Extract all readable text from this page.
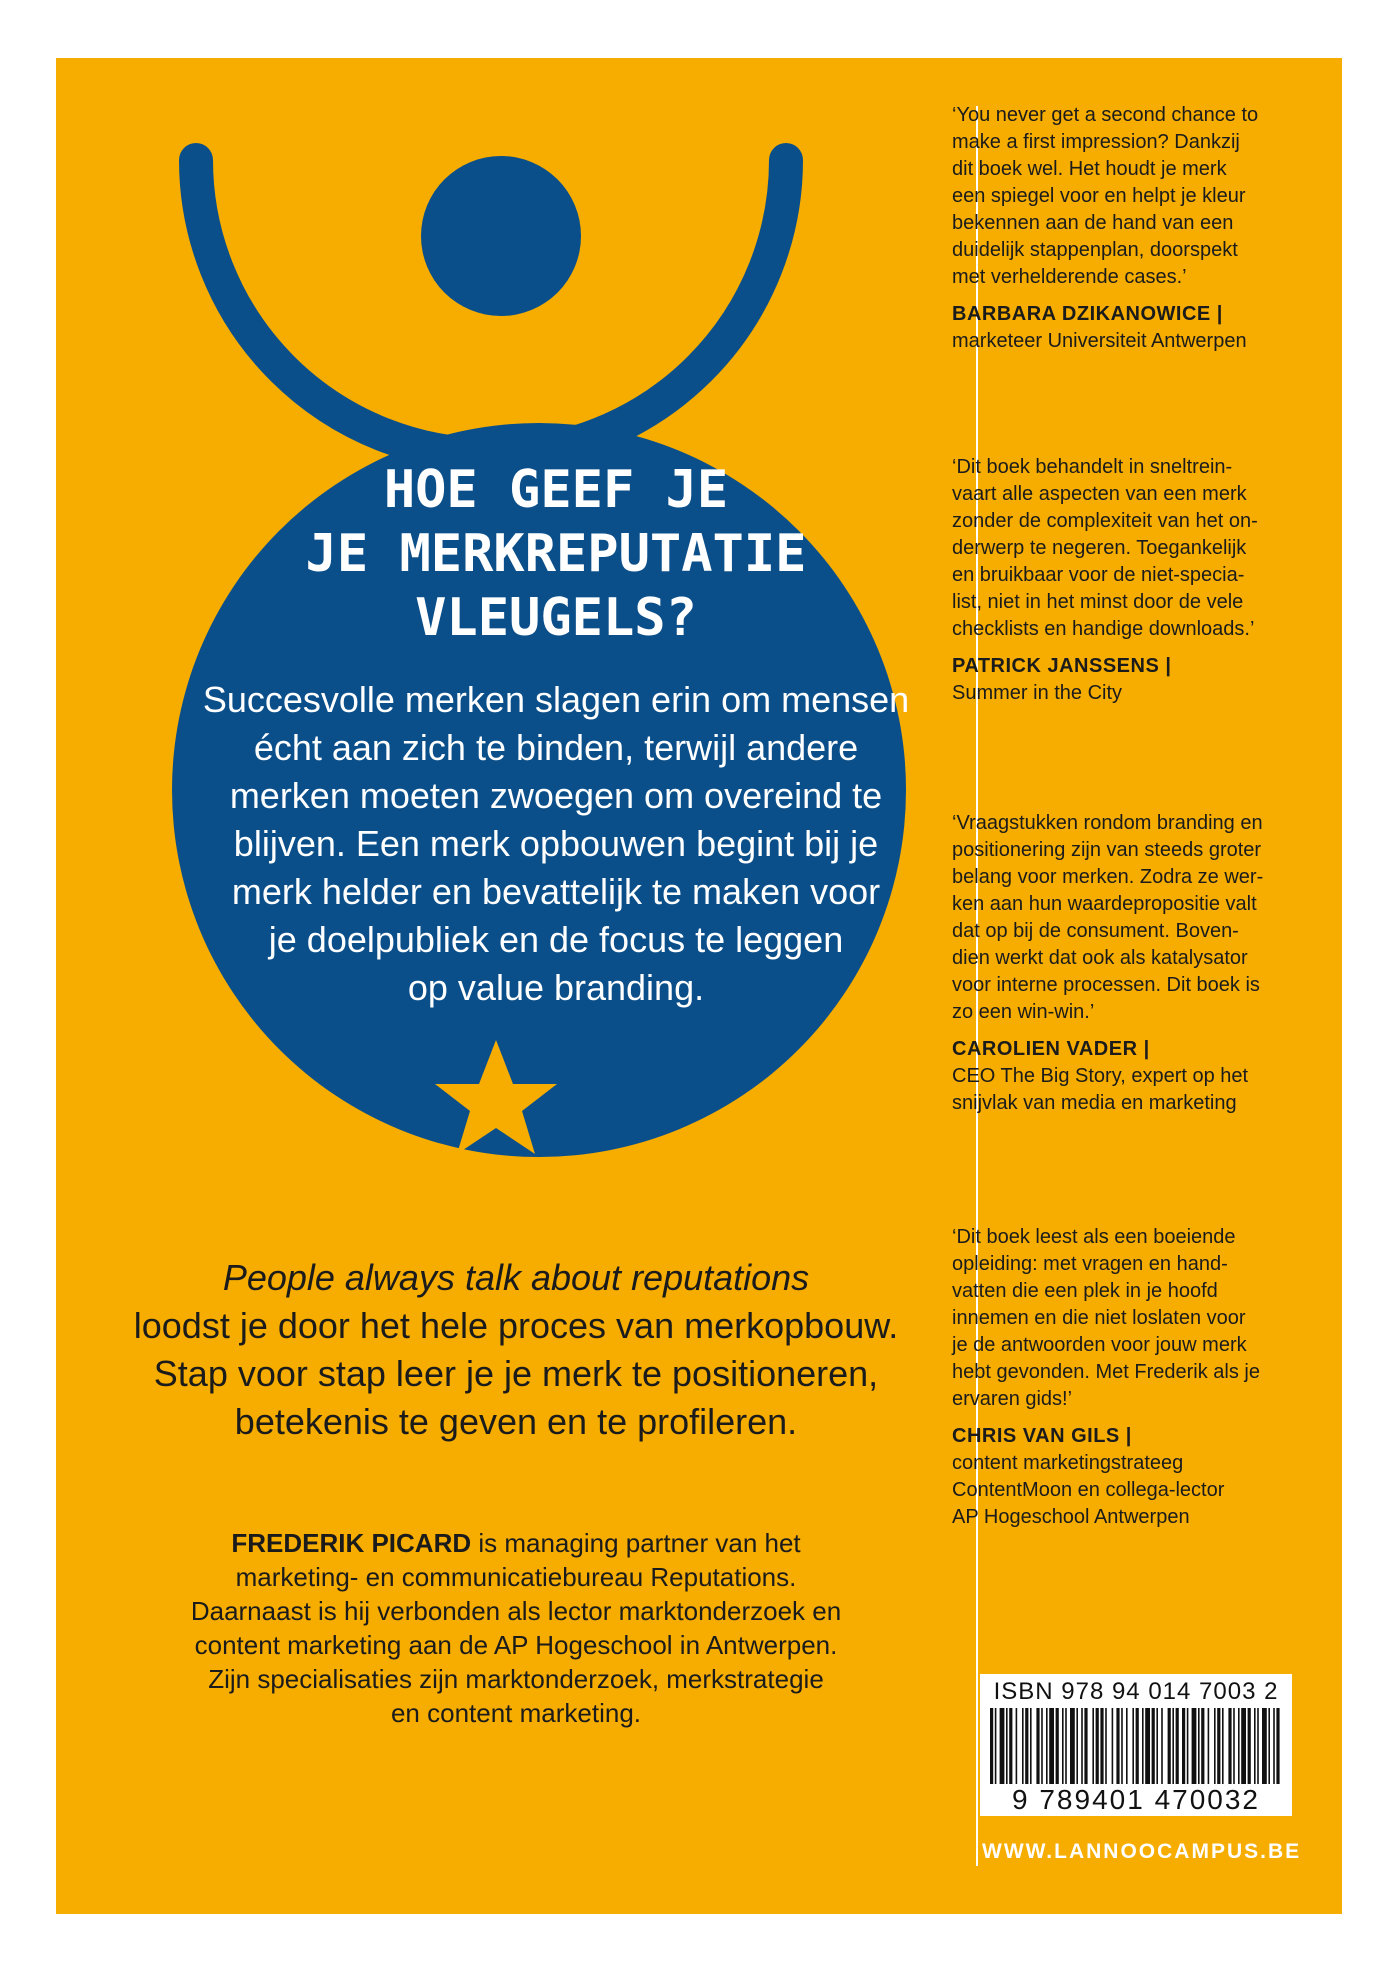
HOE GEEF JE
JE MERKREPUTATIE
VLEUGELS?
Succesvolle merken slagen erin om mensen
écht aan zich te binden, terwijl andere
merken moeten zwoegen om overeind te
blijven. Een merk opbouwen begint bij je
merk helder en bevattelijk te maken voor
je doelpubliek en de focus te leggen
op value branding.
People always talk about reputations
loodst je door het hele proces van merkopbouw.
Stap voor stap leer je je merk te positioneren,
betekenis te geven en te profileren.
FREDERIK PICARD is managing partner van het
marketing- en communicatiebureau Reputations.
Daarnaast is hij verbonden als lector marktonderzoek en
content marketing aan de AP Hogeschool in Antwerpen.
Zijn specialisaties zijn marktonderzoek, merkstrategie
en content marketing.
‘You never get a second chance to
make a first impression? Dankzij
dit boek wel. Het houdt je merk
een spiegel voor en helpt je kleur
bekennen aan de hand van een
duidelijk stappenplan, doorspekt
met verhelderende cases.’
BARBARA DZIKANOWICE |
marketeer Universiteit Antwerpen
‘Dit boek behandelt in sneltrein-
vaart alle aspecten van een merk
zonder de complexiteit van het on-
derwerp te negeren. Toegankelijk
en bruikbaar voor de niet-specia-
list, niet in het minst door de vele
checklists en handige downloads.’
PATRICK JANSSENS |
Summer in the City
‘Vraagstukken rondom branding en
positionering zijn van steeds groter
belang voor merken. Zodra ze wer-
ken aan hun waardepropositie valt
dat op bij de consument. Boven-
dien werkt dat ook als katalysator
voor interne processen. Dit boek is
zo een win-win.’
CAROLIEN VADER |
CEO The Big Story, expert op het
snijvlak van media en marketing
‘Dit boek leest als een boeiende
opleiding: met vragen en hand-
vatten die een plek in je hoofd
innemen en die niet loslaten voor
je de antwoorden voor jouw merk
hebt gevonden. Met Frederik als je
ervaren gids!’
CHRIS VAN GILS |
content marketingstrateeg
ContentMoon en collega-lector
AP Hogeschool Antwerpen
ISBN 978 94 014 7003 2
9 789401 470032
WWW.LANNOOCAMPUS.BE
